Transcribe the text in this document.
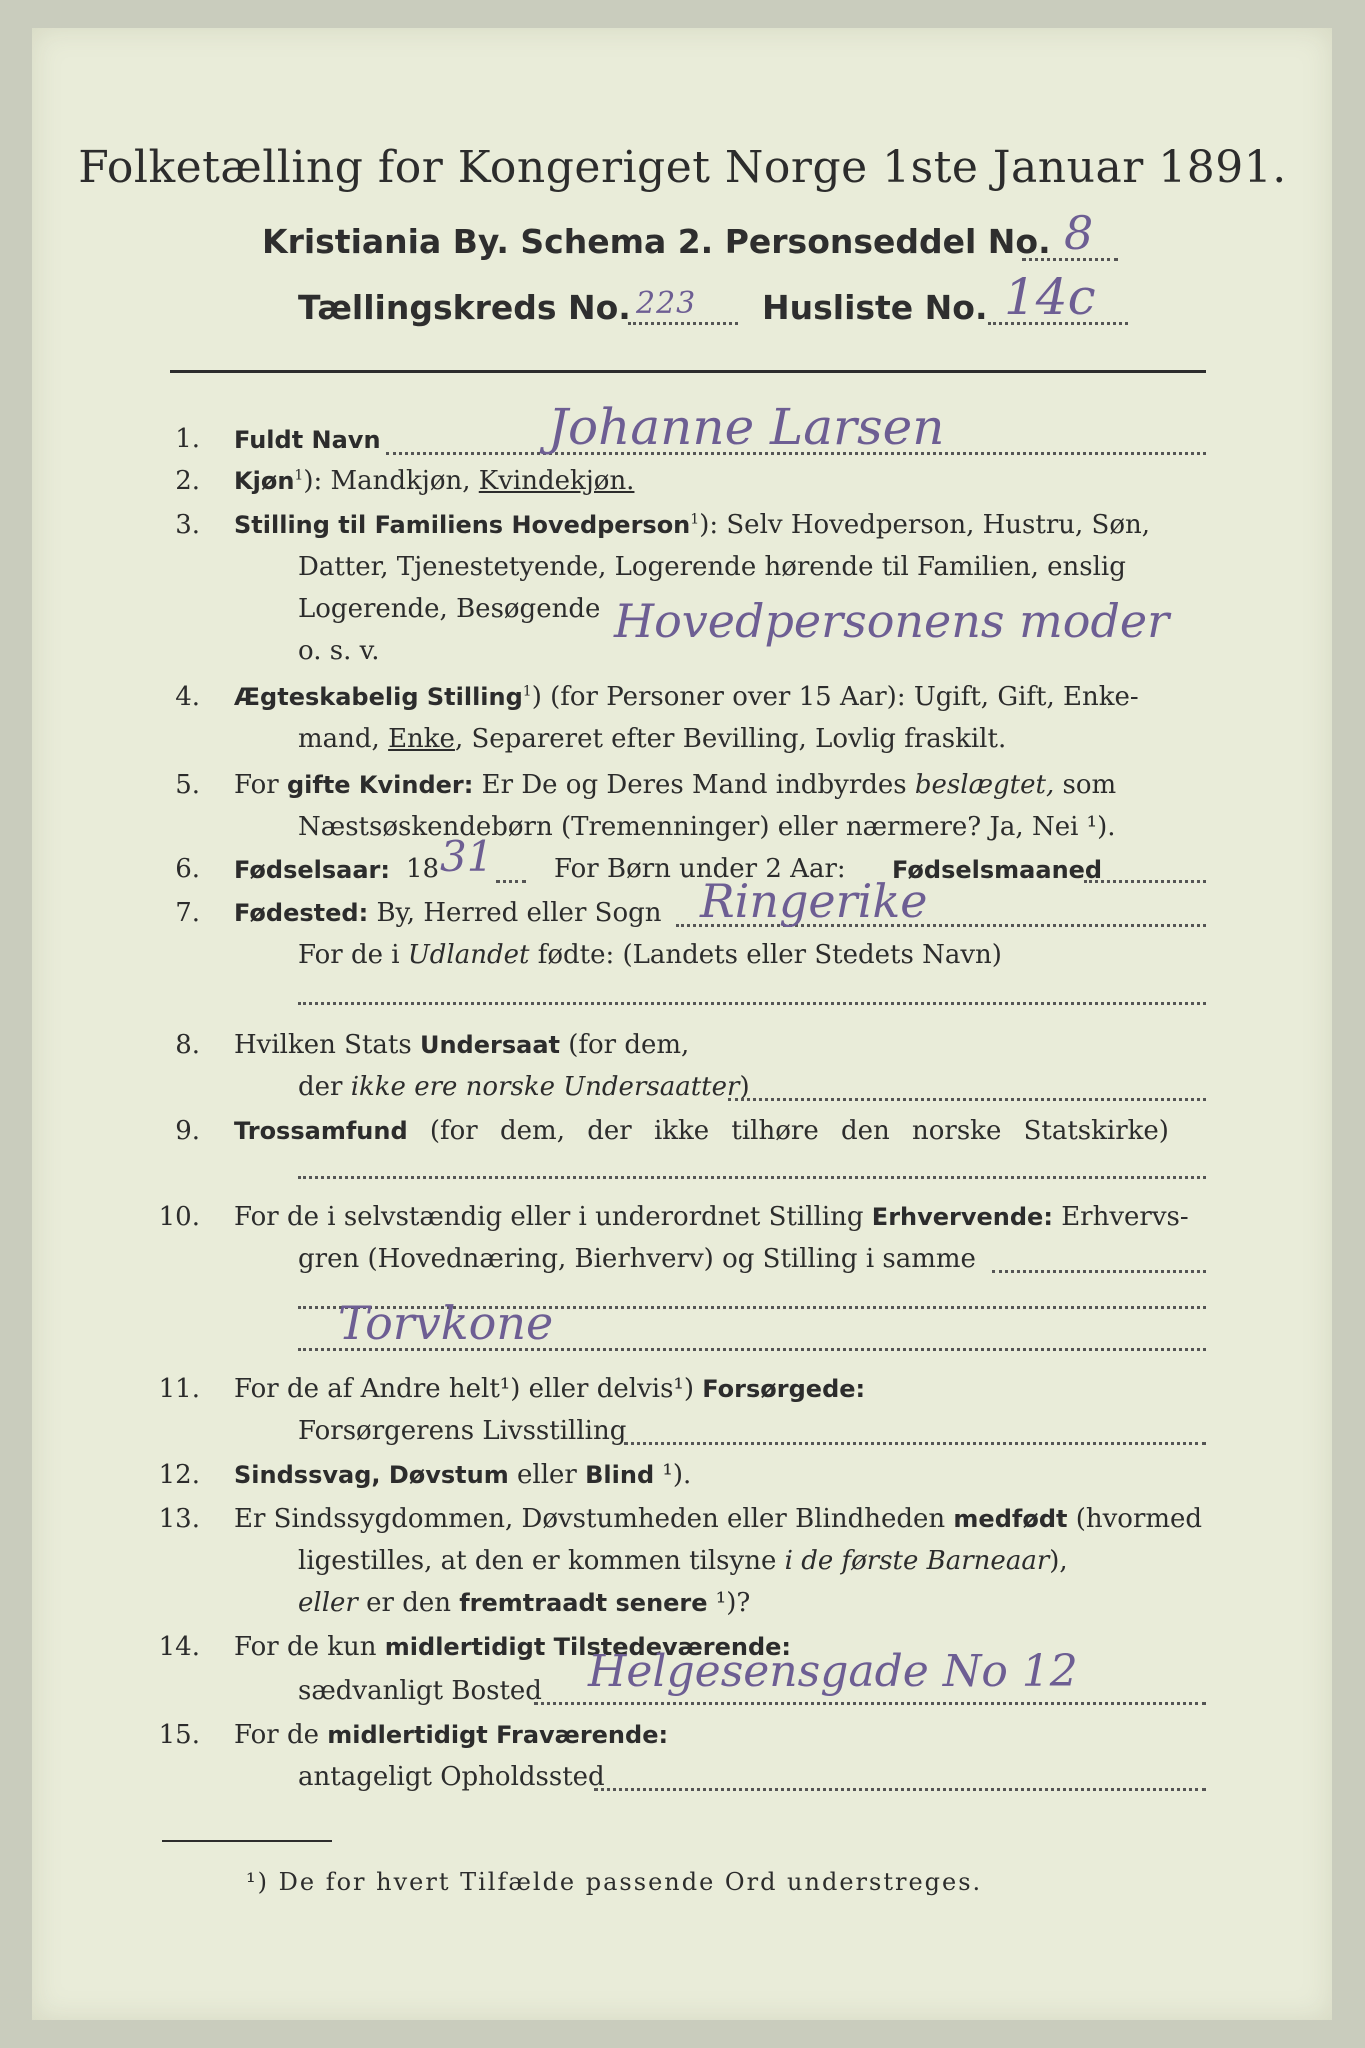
Folketælling for Kongeriget Norge 1ste Januar 1891.
Kristiania By. Schema 2. Personseddel No. 8
Tællingskreds No. 223 Husliste No. 14c
1. Fuldt Navn	Johanne Larsen
2. Kjøn$^1$): Mandkjøn, Kvindekjøn.
3. Stilling til Familiens Hovedperson$^1$): Selv Hovedperson, Hustru, Søn,
Datter, Tjenestetyende, Logerende hørende til Familien, enslig
Logerende, Besøgende
o. s. v.
Hovedpersonens moder
4. Ægteskabelig Stilling$^1$) (for Personer over 15 Aar): Ugift, Gift, Enke-
mand, Enke, Separeret efter Bevilling, Lovlig fraskilt.
5. For gifte Kvinder: Er De og Deres Mand indbyrdes beslægtet, som
Næstsøskendebørn (Tremenninger) eller nærmere? Ja, Nei ¹).
6. Fødselsaar: 18 31 For Børn under 2 Aar: Fødselsmaaned
7. Fødested: By, Herred eller Sogn Ringerike
For de i Udlandet fødte: (Landets eller Stedets Navn)
8. Hvilken Stats Undersaat (for dem,
der ikke ere norske Undersaatter)
9. Trossamfund (for dem, der ikke tilhøre den norske Statskirke)
10. For de i selvstændig eller i underordnet Stilling Erhvervende: Erhvervs-
gren (Hovednæring, Bierhverv) og Stilling i samme
Torvkone
11. For de af Andre helt¹) eller delvis¹) Forsørgede:
Forsørgerens Livsstilling
12. Sindssvag, Døvstum eller Blind ¹).
13. Er Sindssygdommen, Døvstumheden eller Blindheden medfødt (hvormed
ligestilles, at den er kommen tilsyne i de første Barneaar),
eller er den fremtraadt senere ¹)?
14. For de kun midlertidigt Tilstedeværende:
sædvanligt Bosted Helgesensgade No 12
15. For de midlertidigt Fraværende:
antageligt Opholdssted
¹) De for hvert Tilfælde passende Ord understreges.
